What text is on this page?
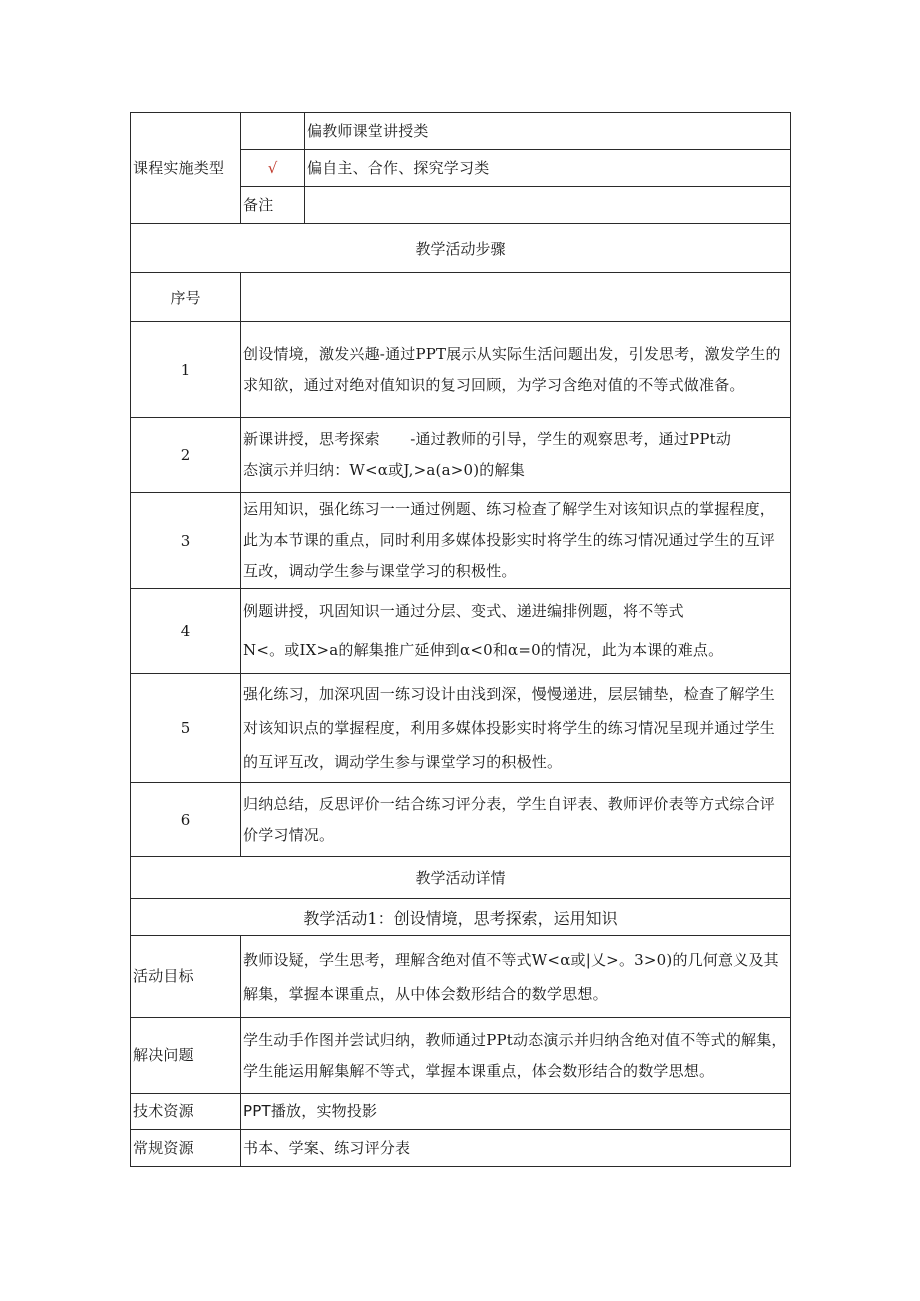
课程实施类型		偏教师课堂讲授类
	√	偏自主、合作、探究学习类
	备注	
教学活动步骤		
序号		
1	创设情境，激发兴趣-通过PPT展示从实际生活问题出发，引发思考，激发学生的求知欲，通过对绝对值知识的复习回顾，为学习含绝对值的不等式做准备。	
2	新课讲授，思考探索　　-通过教师的引导，学生的观察思考，通过PPt动
态演示并归纳：W<α或J,>a(a>0)的解集	

3	运用知识，强化练习一一通过例题、练习检查了解学生对该知识点的掌握程度，此为本节课的重点，同时利用多媒体投影实时将学生的练习情况通过学生的互评互改，调动学生参与课堂学习的积极性。	
4	例题讲授，巩固知识一通过分层、变式、递进编排例题，将不等式
N<。或IX>a的解集推广延伸到α<0和α=0的情况，此为本课的难点。	

5	强化练习，加深巩固一练习设计由浅到深，慢慢递进，层层铺垫，检查了解学生对该知识点的掌握程度，利用多媒体投影实时将学生的练习情况呈现并通过学生的互评互改，调动学生参与课堂学习的积极性。	
6	归纳总结，反思评价一结合练习评分表，学生自评表、教师评价表等方式综合评价学习情况。	
教学活动详情		
教学活动1：创设情境，思考探索，运用知识		
活动目标	教师设疑，学生思考，理解含绝对值不等式W<α或|乂>。3>0)的几何意义及其解集，掌握本课重点，从中体会数形结合的数学思想。	
解决问题	学生动手作图并尝试归纳，教师通过PPt动态演示并归纳含绝对值不等式的解集，学生能运用解集解不等式，掌握本课重点，体会数形结合的数学思想。	
技术资源	PPT播放，实物投影	
常规资源	书本、学案、练习评分表	
